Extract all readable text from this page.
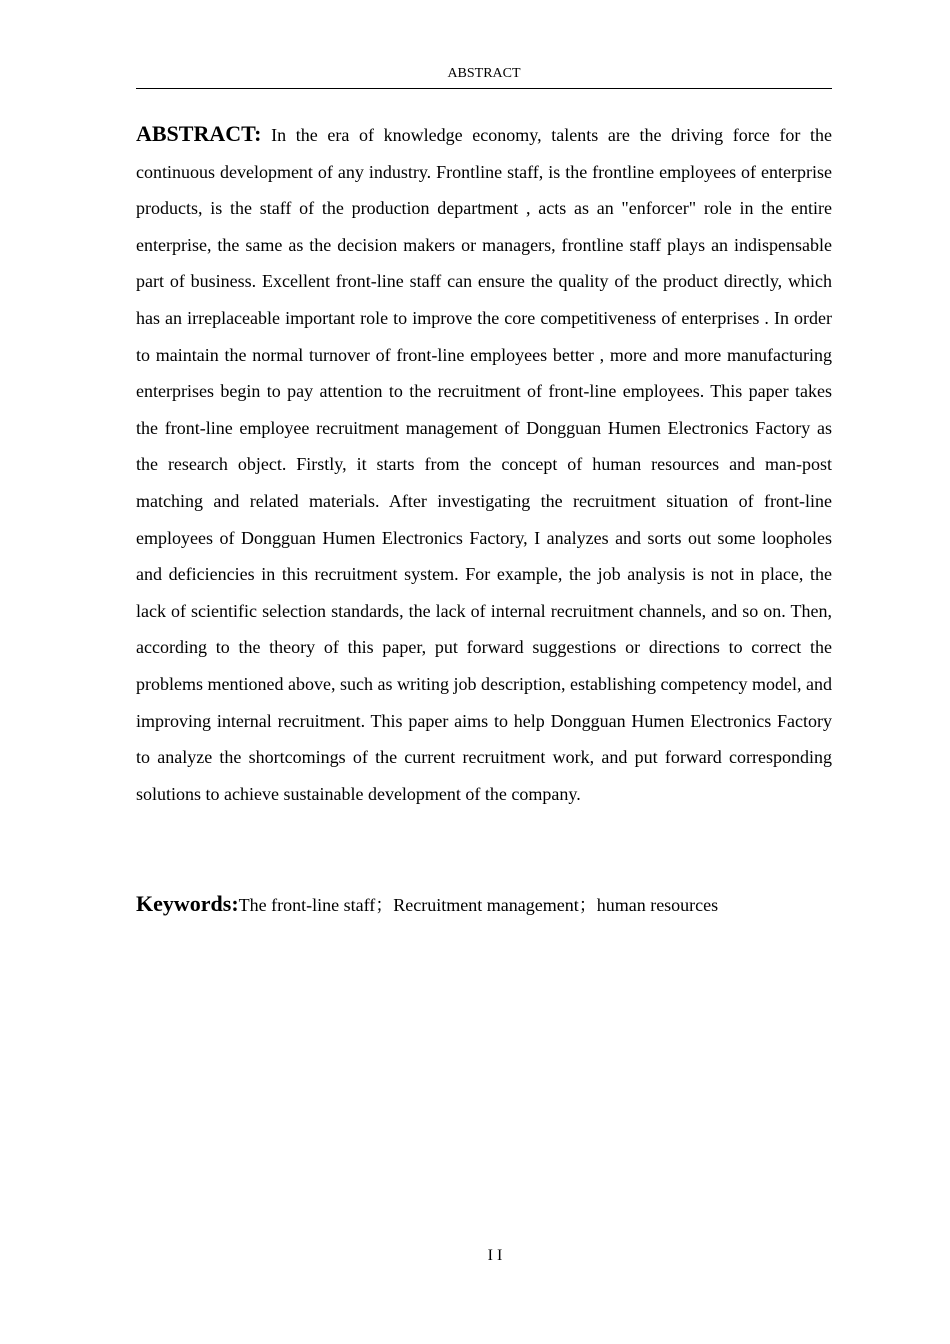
ABSTRACT
ABSTRACT: In the era of knowledge economy, talents are the driving force for the continuous development of any industry. Frontline staff, is the frontline employees of enterprise products, is the staff of the production department , acts as an "enforcer" role in the entire enterprise, the same as the decision makers or managers, frontline staff plays an indispensable part of business. Excellent front-line staff can ensure the quality of the product directly, which has an irreplaceable important role to improve the core competitiveness of enterprises . In order to maintain the normal turnover of front-line employees better , more and more manufacturing enterprises begin to pay attention to the recruitment of front-line employees. This paper takes the front-line employee recruitment management of Dongguan Humen Electronics Factory as the research object. Firstly, it starts from the concept of human resources and man-post matching and related materials. After investigating the recruitment situation of front-line employees of Dongguan Humen Electronics Factory, I analyzes and sorts out some loopholes and deficiencies in this recruitment system. For example, the job analysis is not in place, the lack of scientific selection standards, the lack of internal recruitment channels, and so on. Then, according to the theory of this paper, put forward suggestions or directions to correct the problems mentioned above, such as writing job description, establishing competency model, and improving internal recruitment. This paper aims to help Dongguan Humen Electronics Factory to analyze the shortcomings of the current recruitment work, and put forward corresponding solutions to achieve sustainable development of the company.
Keywords:The front-line staff；Recruitment management；human resources
I I
